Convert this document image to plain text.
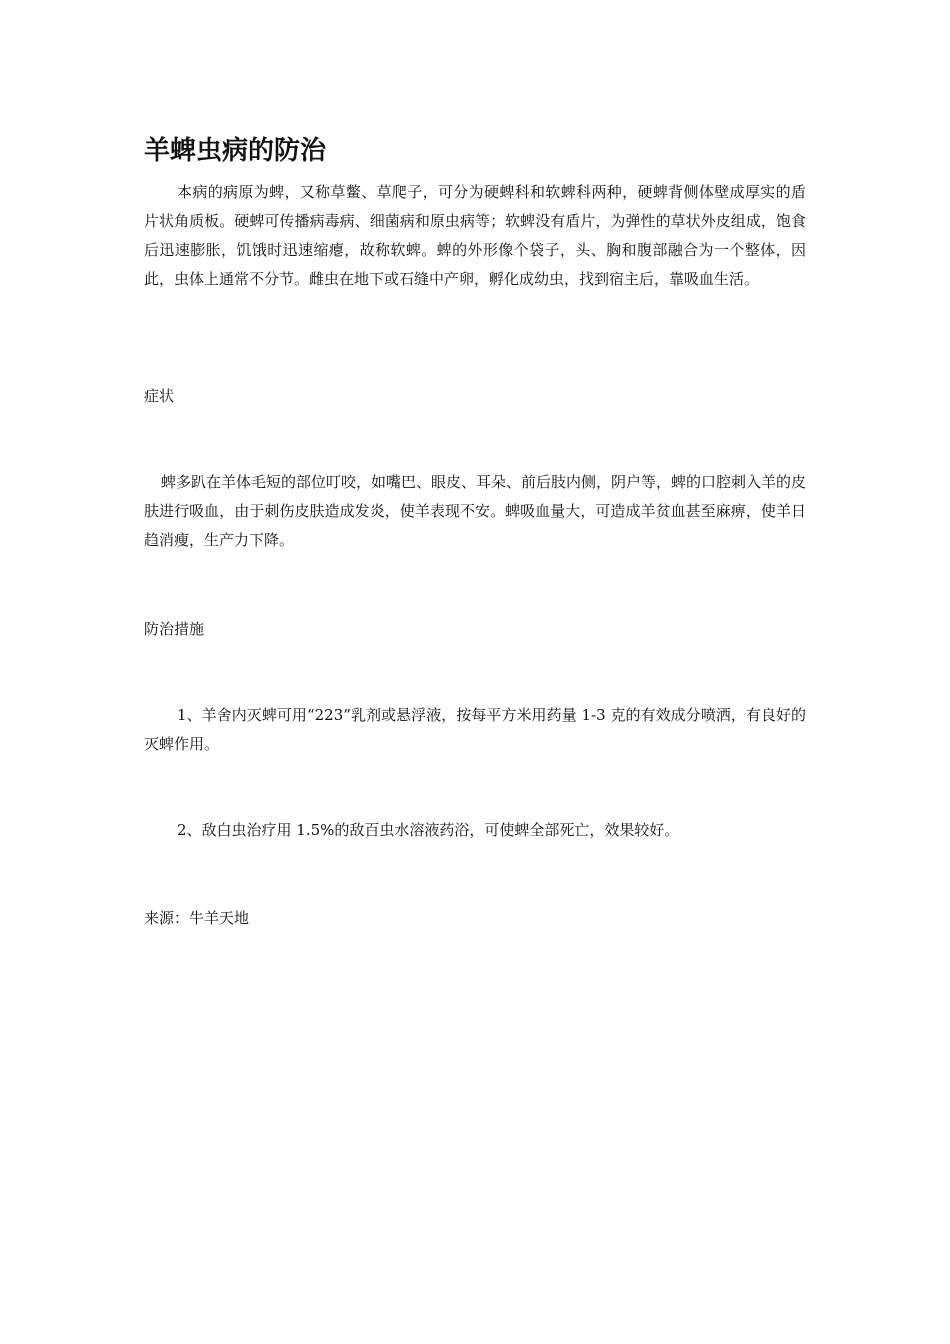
羊蜱虫病的防治

本病的病原为蜱，又称草鳖、草爬子，可分为硬蜱科和软蜱科两种，硬蜱背侧体壁成厚实的盾片状角质板。硬蜱可传播病毒病、细菌病和原虫病等；软蜱没有盾片，为弹性的草状外皮组成，饱食后迅速膨胀，饥饿时迅速缩瘪，故称软蜱。蜱的外形像个袋子，头、胸和腹部融合为一个整体，因此，虫体上通常不分节。雌虫在地下或石缝中产卵，孵化成幼虫，找到宿主后，靠吸血生活。

症状

蜱多趴在羊体毛短的部位叮咬，如嘴巴、眼皮、耳朵、前后肢内侧，阴户等，蜱的口腔刺入羊的皮肤进行吸血，由于刺伤皮肤造成发炎，使羊表现不安。蜱吸血量大，可造成羊贫血甚至麻痹，使羊日趋消瘦，生产力下降。

防治措施

1、羊舍内灭蜱可用“223”乳剂或悬浮液，按每平方米用药量 1-3 克的有效成分喷洒，有良好的灭蜱作用。

2、敌白虫治疗用 1.5%的敌百虫水溶液药浴，可使蜱全部死亡，效果较好。

来源：牛羊天地
